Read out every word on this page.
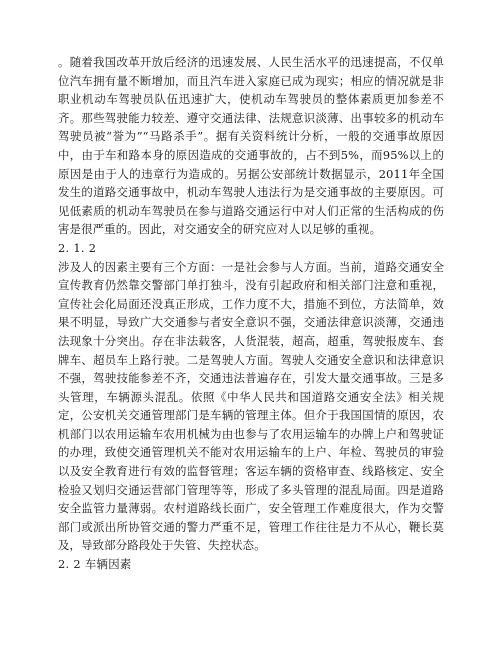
。随着我国改革开放后经济的迅速发展、人民生活水平的迅速提高，不仅单位汽车拥有量不断增加，而且汽车进入家庭已成为现实；相应的情况就是非职业机动车驾驶员队伍迅速扩大，使机动车驾驶员的整体素质更加参差不齐。那些驾驶能力较差、遵守交通法律、法规意识淡薄、出事较多的机动车驾驶员被“誉为”“马路杀手”。据有关资料统计分析，一般的交通事故原因中，由于车和路本身的原因造成的交通事故的，占不到5%，而95%以上的原因是由于人的违章行为造成的。另据公安部统计数据显示，2011年全国发生的道路交通事故中，机动车驾驶人违法行为是交通事故的主要原因。可见低素质的机动车驾驶员在参与道路交通运行中对人们正常的生活构成的伤害是很严重的。因此，对交通安全的研究应对人以足够的重视。

2. 1. 2

涉及人的因素主要有三个方面：一是社会参与人方面。当前，道路交通安全宣传教育仍然靠交警部门单打独斗，没有引起政府和相关部门注意和重视，宣传社会化局面还没真正形成，工作力度不大，措施不到位，方法简单，效果不明显，导致广大交通参与者安全意识不强，交通法律意识淡薄，交通违法现象十分突出。存在非法载客，人货混装，超高，超重，驾驶报废车、套牌车、超员车上路行驶。二是驾驶人方面。驾驶人交通安全意识和法律意识不强，驾驶技能参差不齐，交通违法普遍存在，引发大量交通事故。三是多头管理，车辆源头混乱。依照《中华人民共和国道路交通安全法》相关规定，公安机关交通管理部门是车辆的管理主体。但介于我国国情的原因，农机部门以农用运输车农用机械为由也参与了农用运输车的办牌上户和驾驶证的办理，致使交通管理机关不能对农用运输车的上户、年检、驾驶员的审验以及安全教育进行有效的监督管理；客运车辆的资格审查、线路核定、安全检验又划归交通运营部门管理等等，形成了多头管理的混乱局面。四是道路安全监管力量薄弱。农村道路线长面广，安全管理工作难度很大，作为交警部门或派出所协管交通的警力严重不足，管理工作往往是力不从心，鞭长莫及，导致部分路段处于失管、失控状态。

2. 2 车辆因素
